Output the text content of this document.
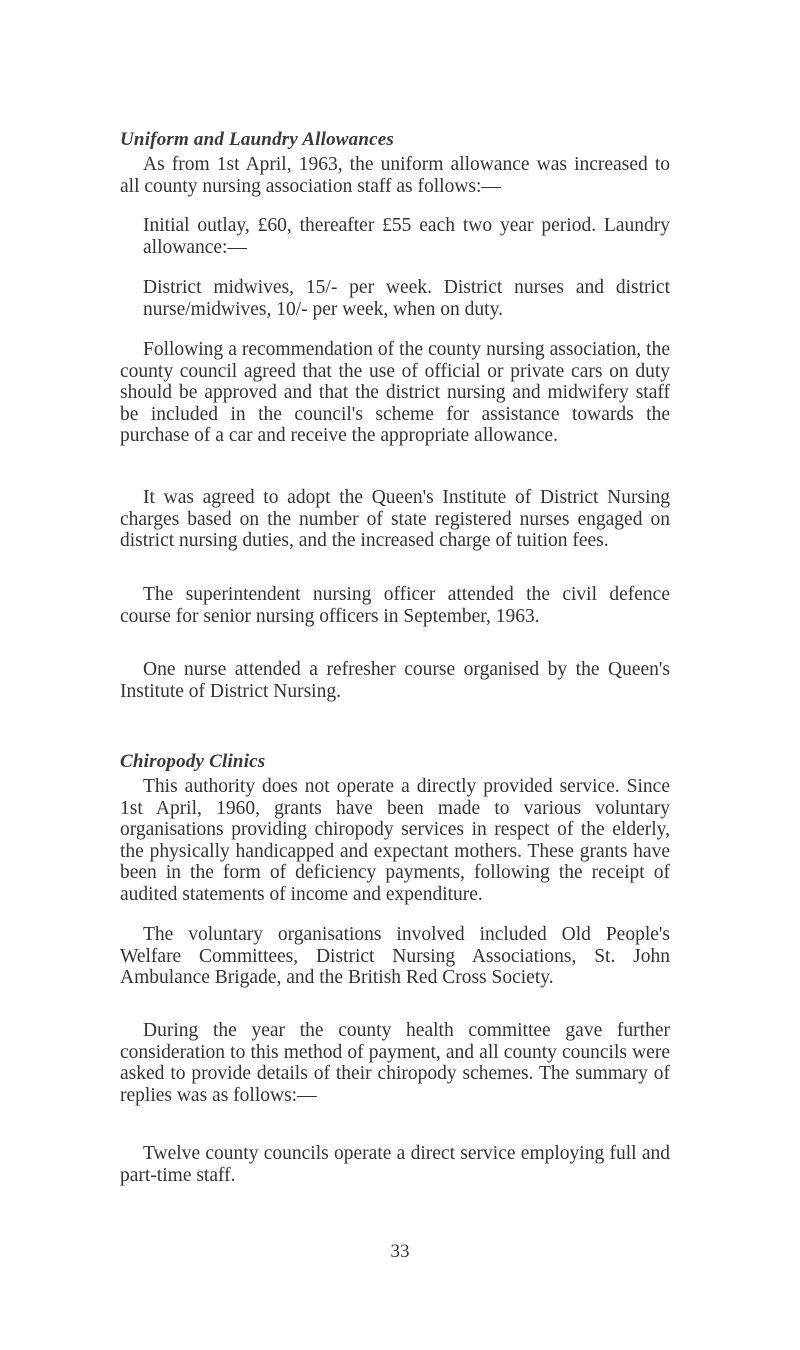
Uniform and Laundry Allowances

As from 1st April, 1963, the uniform allowance was increased to all county nursing association staff as follows:—

Initial outlay, £60, thereafter £55 each two year period. Laundry allowance:—

District midwives, 15/- per week. District nurses and district nurse/midwives, 10/- per week, when on duty.

Following a recommendation of the county nursing association, the county council agreed that the use of official or private cars on duty should be approved and that the district nursing and midwifery staff be included in the council's scheme for assistance towards the purchase of a car and receive the appropriate allowance.

It was agreed to adopt the Queen's Institute of District Nursing charges based on the number of state registered nurses engaged on district nursing duties, and the increased charge of tuition fees.

The superintendent nursing officer attended the civil defence course for senior nursing officers in September, 1963.

One nurse attended a refresher course organised by the Queen's Institute of District Nursing.

Chiropody Clinics

This authority does not operate a directly provided service. Since 1st April, 1960, grants have been made to various voluntary organisations providing chiropody services in respect of the elderly, the physically handicapped and expectant mothers. These grants have been in the form of deficiency payments, following the receipt of audited statements of income and expenditure.

The voluntary organisations involved included Old People's Welfare Committees, District Nursing Associations, St. John Ambulance Brigade, and the British Red Cross Society.

During the year the county health committee gave further consideration to this method of payment, and all county councils were asked to provide details of their chiropody schemes. The summary of replies was as follows:—

Twelve county councils operate a direct service employing full and part-time staff.

33
